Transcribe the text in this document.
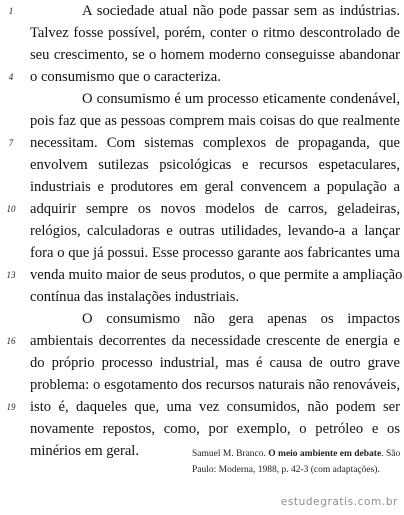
1
4
7
10
13
16
19
A sociedade atual não pode passar sem as indústrias.
Talvez fosse possível, porém, conter o ritmo descontrolado de
seu crescimento, se o homem moderno conseguisse abandonar
o consumismo que o caracteriza.
O consumismo é um processo eticamente condenável,
pois faz que as pessoas comprem mais coisas do que realmente
necessitam. Com sistemas complexos de propaganda, que
envolvem sutilezas psicológicas e recursos espetaculares,
industriais e produtores em geral convencem a população a
adquirir sempre os novos modelos de carros, geladeiras,
relógios, calculadoras e outras utilidades, levando-a a lançar
fora o que já possui. Esse processo garante aos fabricantes uma
venda muito maior de seus produtos, o que permite a ampliação
contínua das instalações industriais.
O consumismo não gera apenas os impactos
ambientais decorrentes da necessidade crescente de energia e
do próprio processo industrial, mas é causa de outro grave
problema: o esgotamento dos recursos naturais não renováveis,
isto é, daqueles que, uma vez consumidos, não podem ser
novamente repostos, como, por exemplo, o petróleo e os
minérios em geral.	Samuel M. Branco. O meio ambiente em debate. São
Paulo: Moderna, 1988, p. 42-3 (com adaptações).
estudegratis.com.br
